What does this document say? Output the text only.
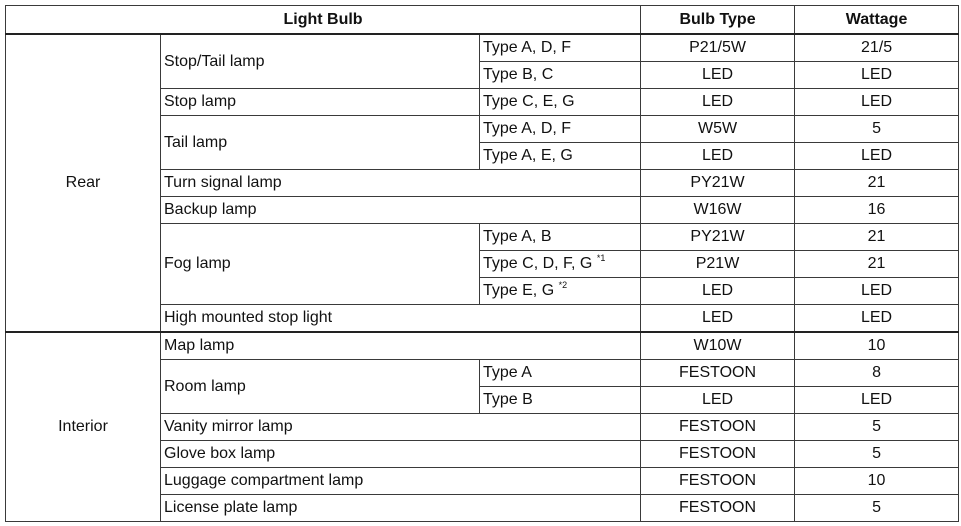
Light Bulb			Bulb Type	Wattage
Rear	Stop/Tail lamp	Type A, D, F	P21/5W	21/5
		Type B, C	LED	LED
	Stop lamp	Type C, E, G	LED	LED
	Tail lamp	Type A, D, F	W5W	5
		Type A, E, G	LED	LED
	Turn signal lamp		PY21W	21
	Backup lamp		W16W	16
	Fog lamp	Type A, B	PY21W	21
		Type C, D, F, G $^{*1}$	P21W	21
		Type E, G $^{*2}$	LED	LED
	High mounted stop light		LED	LED
Interior	Map lamp		W10W	10
	Room lamp	Type A	FESTOON	8
		Type B	LED	LED
	Vanity mirror lamp		FESTOON	5
	Glove box lamp		FESTOON	5
	Luggage compartment lamp		FESTOON	10
	License plate lamp		FESTOON	5
